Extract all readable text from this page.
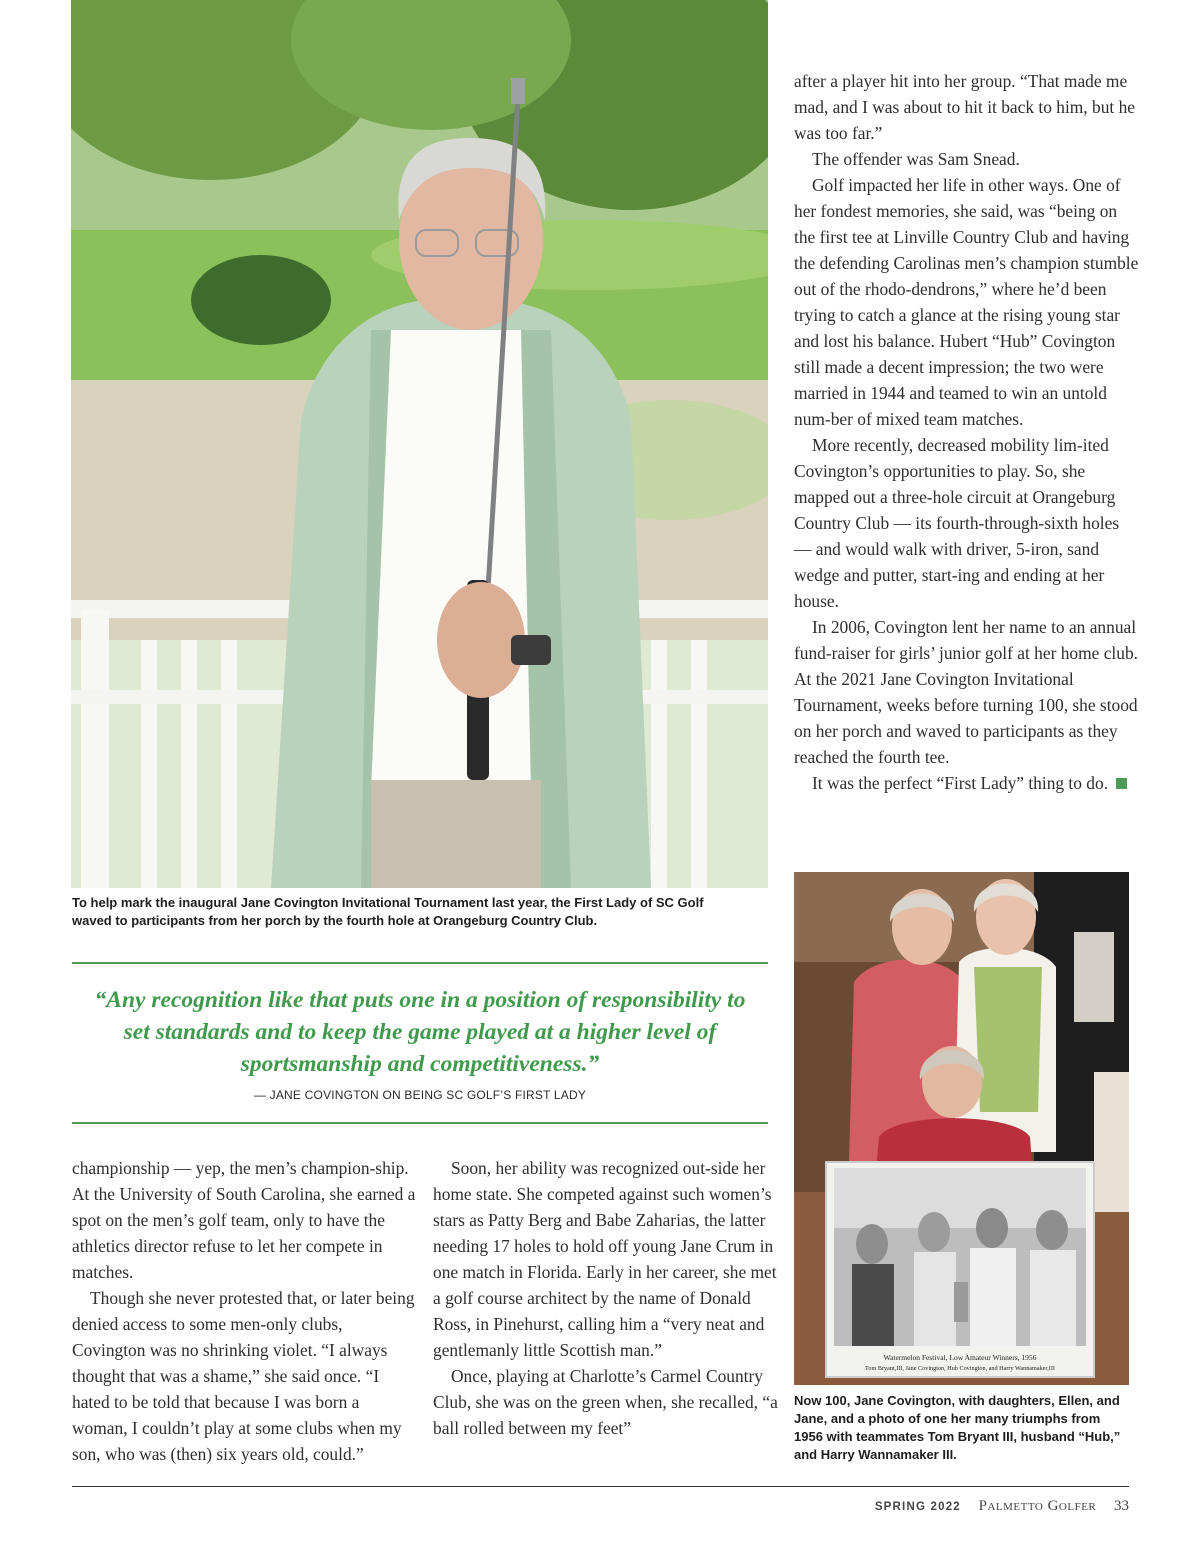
To help mark the inaugural Jane Covington Invitational Tournament last year, the First Lady of SC Golf waved to participants from her porch by the fourth hole at Orangeburg Country Club.

“Any recognition like that puts one in a position of responsibility to set standards and to keep the game played at a higher level of sportsmanship and competitiveness.”

— JANE COVINGTON ON BEING SC GOLF’S FIRST LADY

after a player hit into her group. “That made me mad, and I was about to hit it back to him, but he was too far.”

The offender was Sam Snead.

Golf impacted her life in other ways. One of her fondest memories, she said, was “being on the first tee at Linville Country Club and having the defending Carolinas men’s champion stumble out of the rhodo-dendrons,” where he’d been trying to catch a glance at the rising young star and lost his balance. Hubert “Hub” Covington still made a decent impression; the two were married in 1944 and teamed to win an untold num-ber of mixed team matches.

More recently, decreased mobility lim-ited Covington’s opportunities to play. So, she mapped out a three-hole circuit at Orangeburg Country Club — its fourth-through-sixth holes — and would walk with driver, 5-iron, sand wedge and putter, start-ing and ending at her house.

In 2006, Covington lent her name to an annual fund-raiser for girls’ junior golf at her home club. At the 2021 Jane Covington Invitational Tournament, weeks before turning 100, she stood on her porch and waved to participants as they reached the fourth tee.

It was the perfect “First Lady” thing to do.

Watermelon Festival, Low Amateur Winners, 1956
Tom Bryant,III, Jane Covington, Hub Covington, and Harry Wannamaker,III

Now 100, Jane Covington, with daughters, Ellen, and Jane, and a photo of one her many triumphs from 1956 with teammates Tom Bryant III, husband “Hub,” and Harry Wannamaker III.

championship — yep, the men’s champion-ship. At the University of South Carolina, she earned a spot on the men’s golf team, only to have the athletics director refuse to let her compete in matches.

Though she never protested that, or later being denied access to some men-only clubs, Covington was no shrinking violet. “I always thought that was a shame,” she said once. “I hated to be told that because I was born a woman, I couldn’t play at some clubs when my son, who was (then) six years old, could.”

Soon, her ability was recognized out-side her home state. She competed against such women’s stars as Patty Berg and Babe Zaharias, the latter needing 17 holes to hold off young Jane Crum in one match in Florida. Early in her career, she met a golf course architect by the name of Donald Ross, in Pinehurst, calling him a “very neat and gentlemanly little Scottish man.”

Once, playing at Charlotte’s Carmel Country Club, she was on the green when, she recalled, “a ball rolled between my feet”

SPRING 2022 Palmetto Golfer 33
